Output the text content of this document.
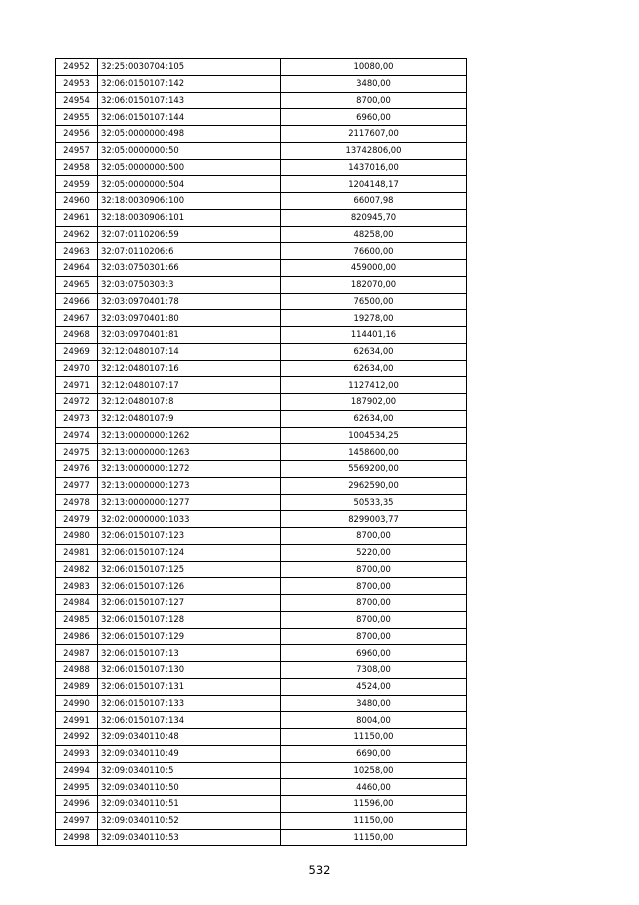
24952	32:25:0030704:105	10080,00
24953	32:06:0150107:142	3480,00
24954	32:06:0150107:143	8700,00
24955	32:06:0150107:144	6960,00
24956	32:05:0000000:498	2117607,00
24957	32:05:0000000:50	13742806,00
24958	32:05:0000000:500	1437016,00
24959	32:05:0000000:504	1204148,17
24960	32:18:0030906:100	66007,98
24961	32:18:0030906:101	820945,70
24962	32:07:0110206:59	48258,00
24963	32:07:0110206:6	76600,00
24964	32:03:0750301:66	459000,00
24965	32:03:0750303:3	182070,00
24966	32:03:0970401:78	76500,00
24967	32:03:0970401:80	19278,00
24968	32:03:0970401:81	114401,16
24969	32:12:0480107:14	62634,00
24970	32:12:0480107:16	62634,00
24971	32:12:0480107:17	1127412,00
24972	32:12:0480107:8	187902,00
24973	32:12:0480107:9	62634,00
24974	32:13:0000000:1262	1004534,25
24975	32:13:0000000:1263	1458600,00
24976	32:13:0000000:1272	5569200,00
24977	32:13:0000000:1273	2962590,00
24978	32:13:0000000:1277	50533,35
24979	32:02:0000000:1033	8299003,77
24980	32:06:0150107:123	8700,00
24981	32:06:0150107:124	5220,00
24982	32:06:0150107:125	8700,00
24983	32:06:0150107:126	8700,00
24984	32:06:0150107:127	8700,00
24985	32:06:0150107:128	8700,00
24986	32:06:0150107:129	8700,00
24987	32:06:0150107:13	6960,00
24988	32:06:0150107:130	7308,00
24989	32:06:0150107:131	4524,00
24990	32:06:0150107:133	3480,00
24991	32:06:0150107:134	8004,00
24992	32:09:0340110:48	11150,00
24993	32:09:0340110:49	6690,00
24994	32:09:0340110:5	10258,00
24995	32:09:0340110:50	4460,00
24996	32:09:0340110:51	11596,00
24997	32:09:0340110:52	11150,00
24998	32:09:0340110:53	11150,00
532
